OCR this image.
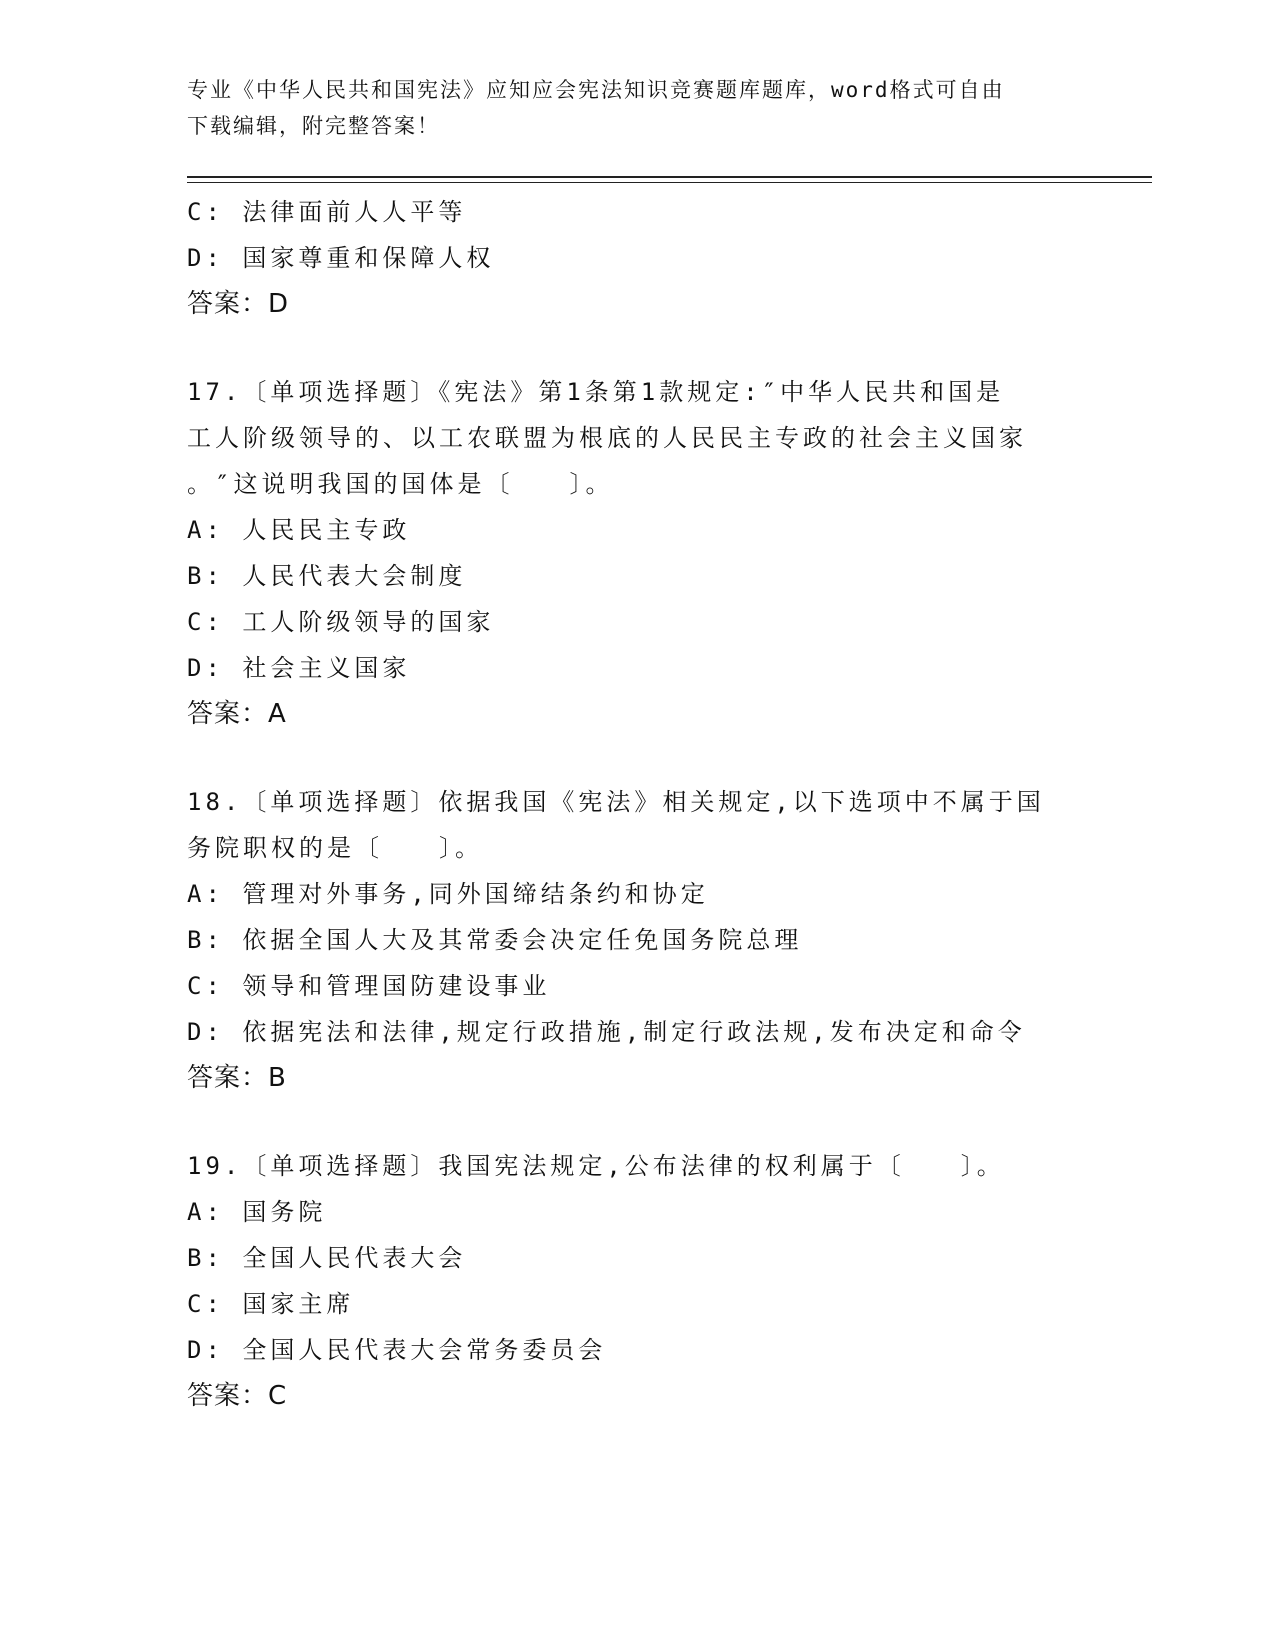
专业《中华人民共和国宪法》应知应会宪法知识竞赛题库题库，word格式可自由
下载编辑，附完整答案！
C: 法律面前人人平等
D: 国家尊重和保障人权
答案：D
17.〔单项选择题〕《宪法》第1条第1款规定:″中华人民共和国是
工人阶级领导的、以工农联盟为根底的人民民主专政的社会主义国家
。″这说明我国的国体是〔　　〕。
A: 人民民主专政
B: 人民代表大会制度
C: 工人阶级领导的国家
D: 社会主义国家
答案：A
18.〔单项选择题〕依据我国《宪法》相关规定,以下选项中不属于国
务院职权的是〔　　〕。
A: 管理对外事务,同外国缔结条约和协定
B: 依据全国人大及其常委会决定任免国务院总理
C: 领导和管理国防建设事业
D: 依据宪法和法律,规定行政措施,制定行政法规,发布决定和命令
答案：B
19.〔单项选择题〕我国宪法规定,公布法律的权利属于〔　　〕。
A: 国务院
B: 全国人民代表大会
C: 国家主席
D: 全国人民代表大会常务委员会
答案：C
